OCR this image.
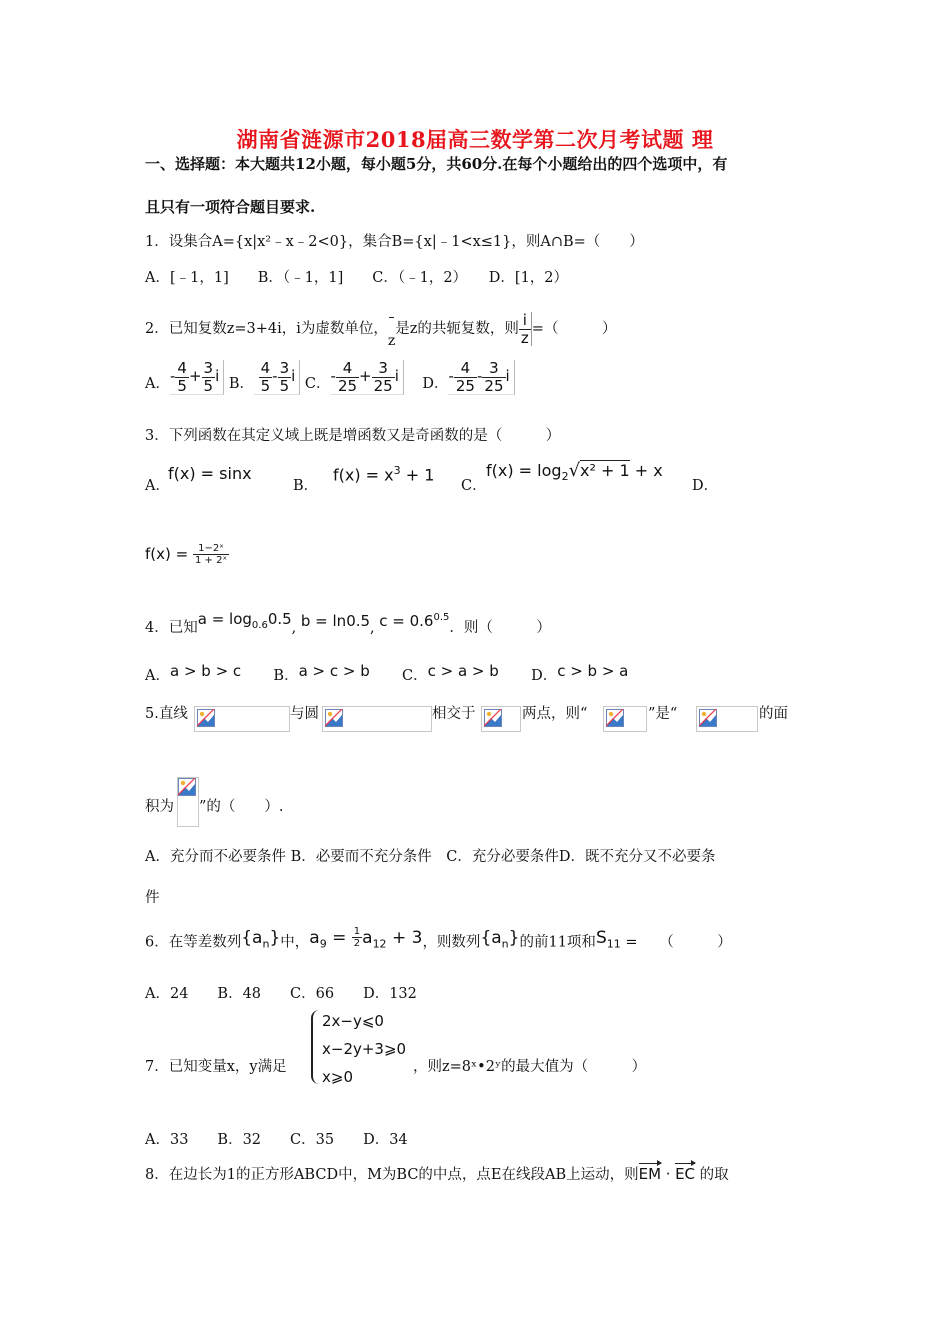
湖南省涟源市2018届高三数学第二次月考试题 理
一、选择题：本大题共12小题，每小题5分，共60分.在每个小题给出的四个选项中，有
且只有一项符合题目要求.
1．设集合A={x|x²﹣x﹣2<0}，集合B={x|﹣1<x≤1}，则A∩B=（　　）
A．[﹣1，1]　　B．（﹣1，1]　　C．（﹣1，2）　　D．[1，2）
2．已知复数z=3+4i，i为虚数单位，
z是z的共轭复数，则 $\frac{i}{z}$ =（　　　）
A．- $\frac{4}{5} + \frac{3}{5}$ i B． $\frac{4}{5} - \frac{3}{5}$ i C．- $\frac{4}{25} + \frac{3}{25}$ i D．- $\frac{4}{25} - \frac{3}{25}$ i
3．下列函数在其定义域上既是增函数又是奇函数的是（　　　）
A．
f(x) = sinx
B．
$f(x) = x^3 + 1$
C．
$f(x) = \log_2√x^2 + 1 + x$
D．
$f(x) = \frac{\text{1−2ˣ}}{\text{1 + 2ˣ}}$
4．已知$a = \log_{0.6}0.5$, b = ln0.5, $c = 0.6^{0.5}$．则（　　　）
A．a > b > c B．a > c > b C．c > a > b D．c > b > a
5.直线	与圆	相交于	两点，则“	”是“	的面
积为 ”的（　　）.
A．充分而不必要条件 B．必要而不充分条件　C．充分必要条件D．既不充分又不必要条
件
6．在等差数列$\{a_n\}$中，$a_9 = \frac{1}{2} a_{12} + 3$，则数列$\{a_n\}$的前11项和$S_{11}$ =　　（　　　）
A．24　　B．48　　C．66　　D．132
7．已知变量x，y满足
2x−y⩽0
x−2y+3⩾0
x⩾0
，则z=8ˣ•2ʸ的最大值为（　　　）
A．33　　B．32　　C．35　　D．34
8．在边长为1的正方形ABCD中，M为BC的中点，点E在线段AB上运动，则EM · EC 的取
